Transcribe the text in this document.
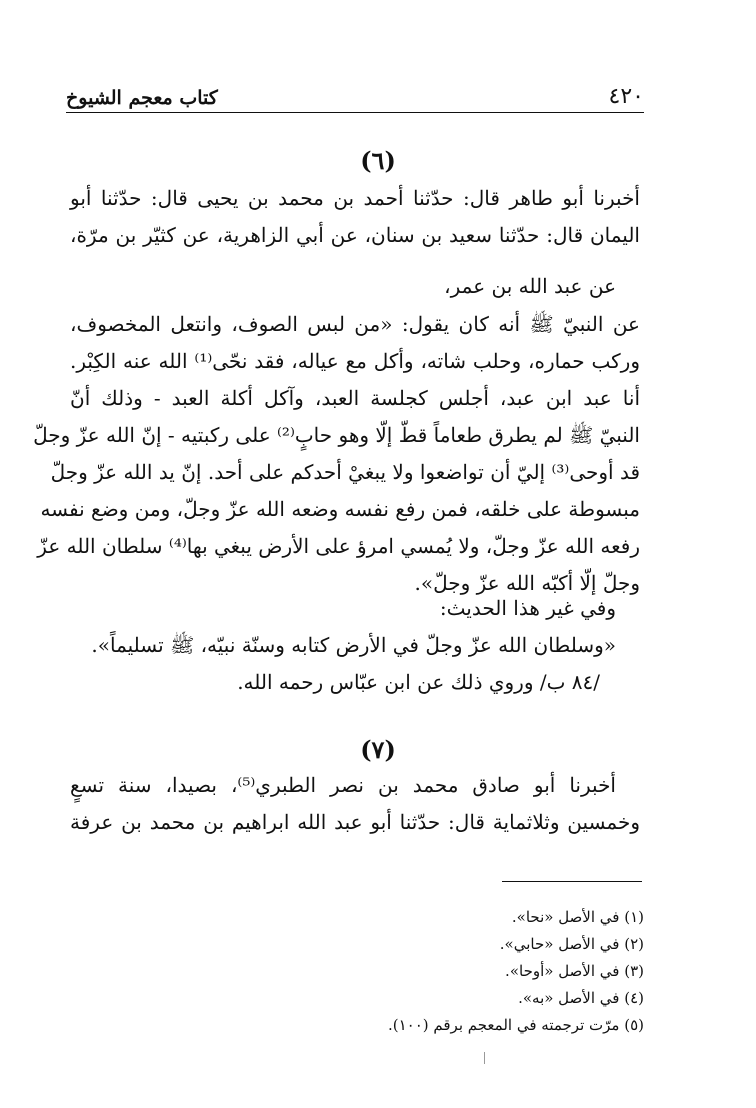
٤٢٠
كتاب معجم الشيوخ
(٦)
أخبرنا أبو طاهر قال: حدّثنا أحمد بن محمد بن يحيى قال: حدّثنا أبو
اليمان قال: حدّثنا سعيد بن سنان، عن أبي الزاهرية، عن كثيّر بن مرّة،
عن عبد الله بن عمر،
عن النبيّ ﷺ أنه كان يقول: «من لبس الصوف، وانتعل المخصوف،
وركب حماره، وحلب شاته، وأكل مع عياله، فقد نحّى⁽¹⁾ الله عنه الكِبْر.
أنا عبد ابن عبد، أجلس كجلسة العبد، وآكل أكلة العبد - وذلك أنّ
النبيّ ﷺ لم يطرق طعاماً قطّ إلّا وهو حابٍ⁽²⁾ على ركبتيه - إنّ الله عزّ وجلّ
قد أوحى⁽³⁾ إليّ أن تواضعوا ولا يبغيْ أحدكم على أحد. إنّ يد الله عزّ وجلّ
مبسوطة على خلقه، فمن رفع نفسه وضعه الله عزّ وجلّ، ومن وضع نفسه
رفعه الله عزّ وجلّ، ولا يُمسي امرؤ على الأرض يبغي بها⁽⁴⁾ سلطان الله عزّ
وجلّ إلّا أكبّه الله عزّ وجلّ».
وفي غير هذا الحديث:
«وسلطان الله عزّ وجلّ في الأرض كتابه وسنّة نبيّه، ﷺ تسليماً».
/٨٤ ب/ وروي ذلك عن ابن عبّاس رحمه الله.
(٧)
أخبرنا أبو صادق محمد بن نصر الطبري⁽⁵⁾، بصيدا، سنة تسعٍ
وخمسين وثلاثماية قال: حدّثنا أبو عبد الله ابراهيم بن محمد بن عرفة
(١) في الأصل «نحا».
(٢) في الأصل «حابي».
(٣) في الأصل «أوحا».
(٤) في الأصل «به».
(٥) مرّت ترجمته في المعجم برقم (١٠٠).
